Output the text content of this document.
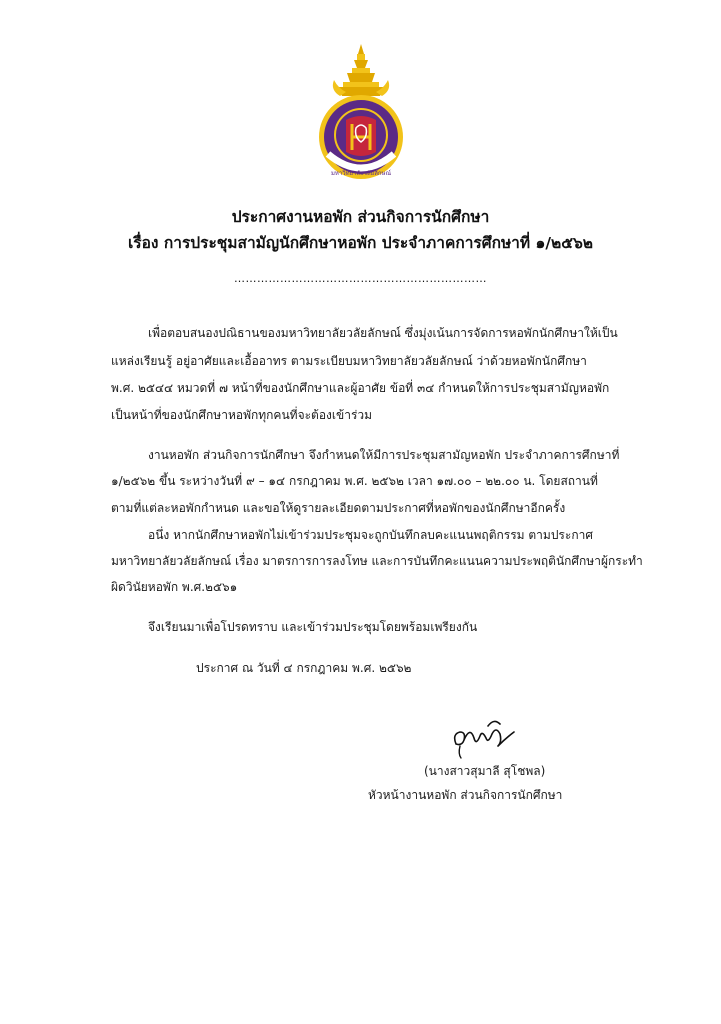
มหาวิทยาลัยวลัยลักษณ์
ประกาศงานหอพัก ส่วนกิจการนักศึกษา
เรื่อง การประชุมสามัญนักศึกษาหอพัก ประจำภาคการศึกษาที่ ๑/๒๕๖๒
…………………………………………………………
เพื่อตอบสนองปณิธานของมหาวิทยาลัยวลัยลักษณ์ ซึ่งมุ่งเน้นการจัดการหอพักนักศึกษาให้เป็น
แหล่งเรียนรู้ อยู่อาศัยและเอื้ออาทร ตามระเบียบมหาวิทยาลัยวลัยลักษณ์ ว่าด้วยหอพักนักศึกษา
พ.ศ. ๒๕๔๔ หมวดที่ ๗ หน้าที่ของนักศึกษาและผู้อาศัย ข้อที่ ๓๔ กำหนดให้การประชุมสามัญหอพัก
เป็นหน้าที่ของนักศึกษาหอพักทุกคนที่จะต้องเข้าร่วม
งานหอพัก ส่วนกิจการนักศึกษา จึงกำหนดให้มีการประชุมสามัญหอพัก ประจำภาคการศึกษาที่
๑/๒๕๖๒ ขึ้น ระหว่างวันที่ ๙ – ๑๔ กรกฎาคม พ.ศ. ๒๕๖๒ เวลา ๑๗.๐๐ – ๒๒.๐๐ น. โดยสถานที่
ตามที่แต่ละหอพักกำหนด และขอให้ดูรายละเอียดตามประกาศที่หอพักของนักศึกษาอีกครั้ง
อนึ่ง หากนักศึกษาหอพักไม่เข้าร่วมประชุมจะถูกบันทึกลบคะแนนพฤติกรรม ตามประกาศ
มหาวิทยาลัยวลัยลักษณ์ เรื่อง มาตรการการลงโทษ และการบันทึกคะแนนความประพฤตินักศึกษาผู้กระทำ
ผิดวินัยหอพัก พ.ศ.๒๕๖๑
จึงเรียนมาเพื่อโปรดทราบ และเข้าร่วมประชุมโดยพร้อมเพรียงกัน
ประกาศ ณ วันที่ ๔ กรกฎาคม พ.ศ. ๒๕๖๒
สุมาลี
(นางสาวสุมาลี สุโชพล)
หัวหน้างานหอพัก ส่วนกิจการนักศึกษา
